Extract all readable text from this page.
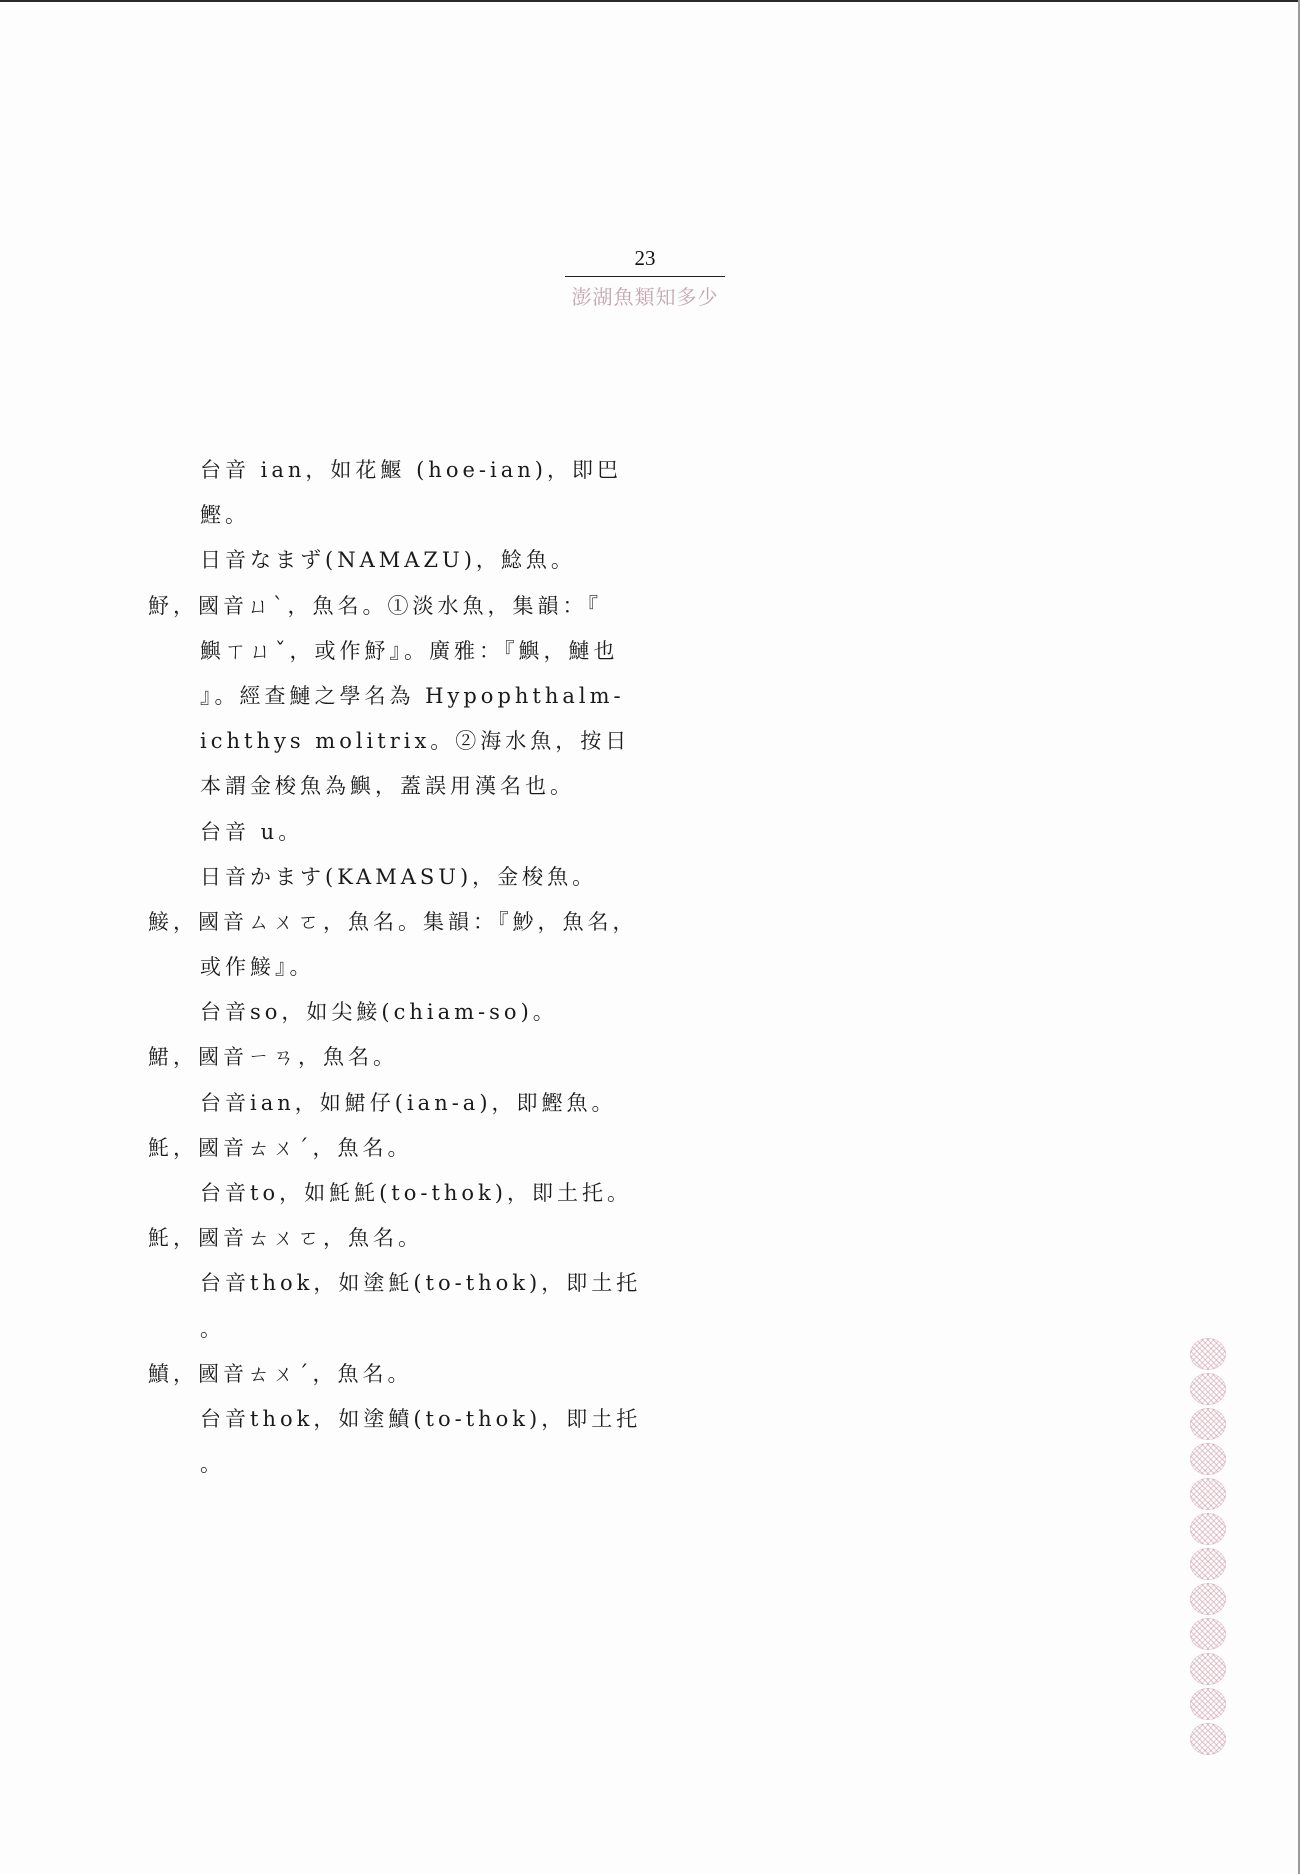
23
澎湖魚類知多少
台音 ian，如花鰋 (hoe-ian)，即巴
鰹。
日音なまず(NAMAZU)，鯰魚。
魣，國音ㄩˋ，魚名。①淡水魚，集韻：『
鱮ㄒㄩˇ，或作魣』。廣雅：『鱮，鰱也
』。經查鰱之學名為 Hypophthalm-
ichthys molitrix。②海水魚，按日
本謂金梭魚為鱮，蓋誤用漢名也。
台音 u。
日音かます(KAMASU)，金梭魚。
鯜，國音ㄙㄨㄛ，魚名。集韻：『魦，魚名，
或作鯜』。
台音so，如尖鯜(chiam-so)。
鮶，國音ㄧㄢ，魚名。
台音ian，如鮶仔(ian-a)，即鰹魚。
魠，國音ㄊㄨˊ，魚名。
台音to，如魠魠(to-thok)，即土托。
魠，國音ㄊㄨㄛ，魚名。
台音thok，如塗魠(to-thok)，即土托
。
鱝，國音ㄊㄨˊ，魚名。
台音thok，如塗鱝(to-thok)，即土托
。
